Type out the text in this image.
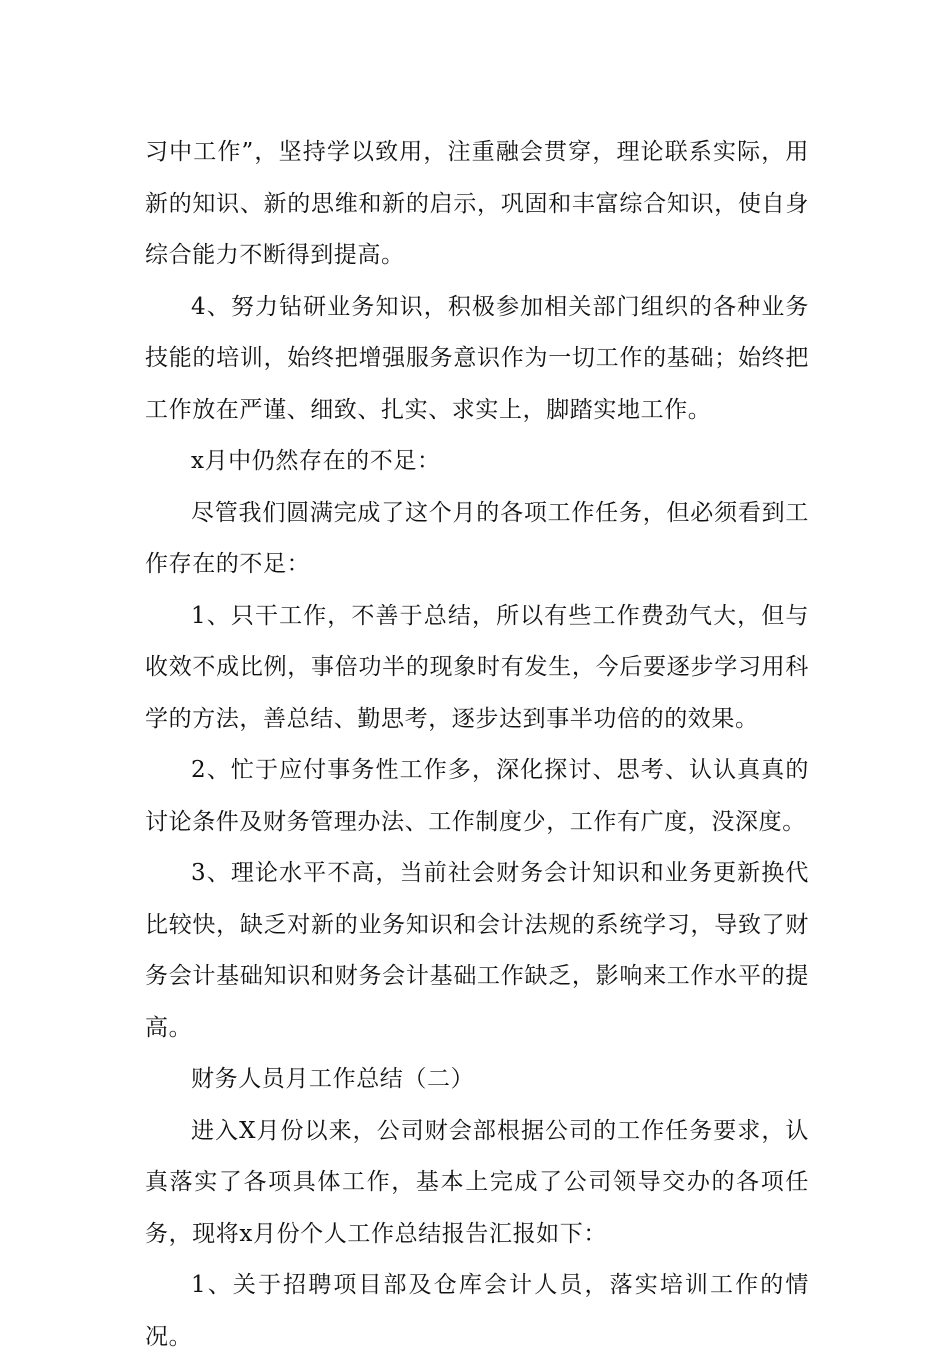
习中工作”，坚持学以致用，注重融会贯穿，理论联系实际，用新的知识、新的思维和新的启示，巩固和丰富综合知识，使自身综合能力不断得到提高。

4、努力钻研业务知识，积极参加相关部门组织的各种业务技能的培训，始终把增强服务意识作为一切工作的基础；始终把工作放在严谨、细致、扎实、求实上，脚踏实地工作。

x月中仍然存在的不足：

尽管我们圆满完成了这个月的各项工作任务，但必须看到工作存在的不足：

1、只干工作，不善于总结，所以有些工作费劲气大，但与收效不成比例，事倍功半的现象时有发生，今后要逐步学习用科学的方法，善总结、勤思考，逐步达到事半功倍的的效果。

2、忙于应付事务性工作多，深化探讨、思考、认认真真的讨论条件及财务管理办法、工作制度少，工作有广度，没深度。

3、理论水平不高，当前社会财务会计知识和业务更新换代比较快，缺乏对新的业务知识和会计法规的系统学习，导致了财务会计基础知识和财务会计基础工作缺乏，影响来工作水平的提高。

财务人员月工作总结（二）

进入X月份以来，公司财会部根据公司的工作任务要求，认真落实了各项具体工作，基本上完成了公司领导交办的各项任务，现将x月份个人工作总结报告汇报如下：

1、关于招聘项目部及仓库会计人员，落实培训工作的情况。
